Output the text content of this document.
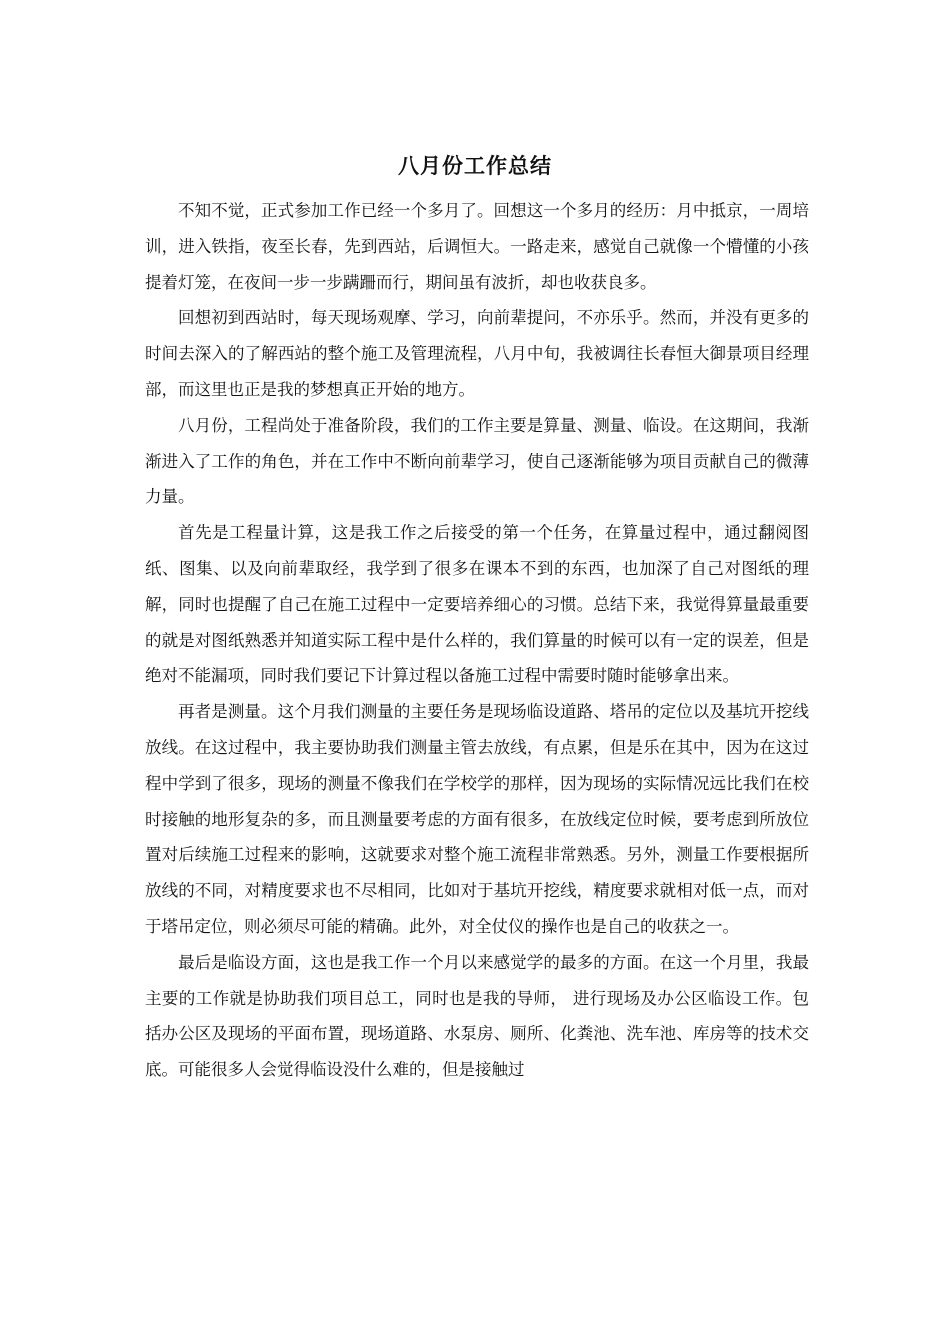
八月份工作总结

不知不觉，正式参加工作已经一个多月了。回想这一个多月的经历：月中抵京，一周培训，进入铁指，夜至长春，先到西站，后调恒大。一路走来，感觉自己就像一个懵懂的小孩提着灯笼，在夜间一步一步蹒跚而行，期间虽有波折，却也收获良多。

回想初到西站时，每天现场观摩、学习，向前辈提问，不亦乐乎。然而，并没有更多的时间去深入的了解西站的整个施工及管理流程，八月中旬，我被调往长春恒大御景项目经理部，而这里也正是我的梦想真正开始的地方。

八月份，工程尚处于准备阶段，我们的工作主要是算量、测量、临设。在这期间，我渐渐进入了工作的角色，并在工作中不断向前辈学习，使自己逐渐能够为项目贡献自己的微薄力量。

首先是工程量计算，这是我工作之后接受的第一个任务，在算量过程中，通过翻阅图纸、图集、以及向前辈取经，我学到了很多在课本不到的东西，也加深了自己对图纸的理解，同时也提醒了自己在施工过程中一定要培养细心的习惯。总结下来，我觉得算量最重要的就是对图纸熟悉并知道实际工程中是什么样的，我们算量的时候可以有一定的误差，但是绝对不能漏项，同时我们要记下计算过程以备施工过程中需要时随时能够拿出来。

再者是测量。这个月我们测量的主要任务是现场临设道路、塔吊的定位以及基坑开挖线放线。在这过程中，我主要协助我们测量主管去放线，有点累，但是乐在其中，因为在这过程中学到了很多，现场的测量不像我们在学校学的那样，因为现场的实际情况远比我们在校时接触的地形复杂的多，而且测量要考虑的方面有很多，在放线定位时候，要考虑到所放位置对后续施工过程来的影响，这就要求对整个施工流程非常熟悉。另外，测量工作要根据所放线的不同，对精度要求也不尽相同，比如对于基坑开挖线，精度要求就相对低一点，而对于塔吊定位，则必须尽可能的精确。此外，对全仗仪的操作也是自己的收获之一。

最后是临设方面，这也是我工作一个月以来感觉学的最多的方面。在这一个月里，我最主要的工作就是协助我们项目总工，同时也是我的导师， 进行现场及办公区临设工作。包括办公区及现场的平面布置，现场道路、水泵房、厕所、化粪池、洗车池、库房等的技术交底。可能很多人会觉得临设没什么难的，但是接触过
